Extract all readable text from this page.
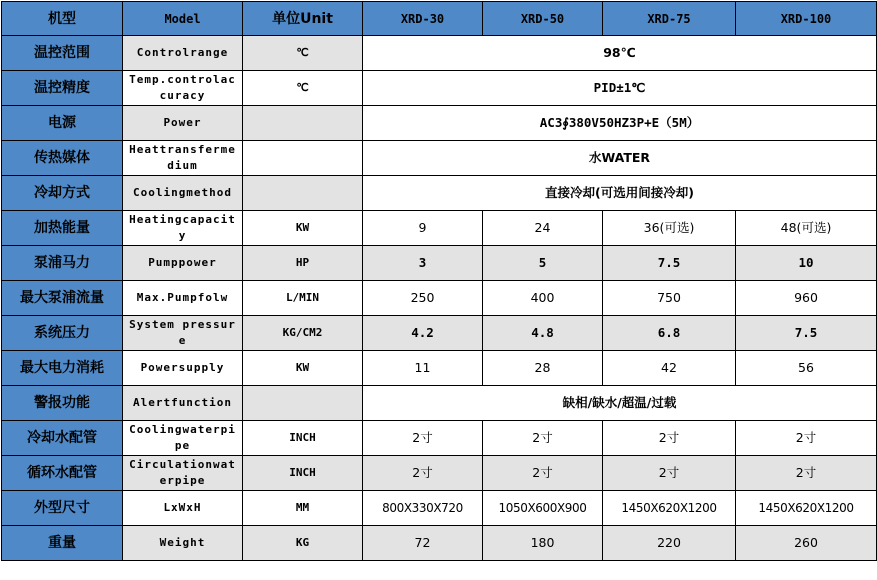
机型	Model	单位Unit	XRD-30	XRD-50	XRD-75	XRD-100
温控范围	Controlrange	℃	98℃			
温控精度	Temp.controlaccuracy	℃	PID±1℃			
电源	Power		AC3∮380V50HZ3P+E（5M）			
传热媒体	Heattransfermedium		水WATER			
冷却方式	Coolingmethod		直接冷却(可选用间接冷却)			
加热能量	Heatingcapacity	KW	9	24	36(可选)	48(可选)
泵浦马力	Pumppower	HP	3	5	7.5	10
最大泵浦流量	Max.Pumpfolw	L/MIN	250	400	750	960
系统压力	System pressure	KG/CM2	4.2	4.8	6.8	7.5
最大电力消耗	Powersupply	KW	11	28	42	56
警报功能	Alertfunction		缺相/缺水/超温/过载			
冷却水配管	Coolingwaterpipe	INCH	2寸	2寸	2寸	2寸
循环水配管	Circulationwaterpipe	INCH	2寸	2寸	2寸	2寸
外型尺寸	LxWxH	MM	800X330X720	1050X600X900	1450X620X1200	1450X620X1200
重量	Weight	KG	72	180	220	260
